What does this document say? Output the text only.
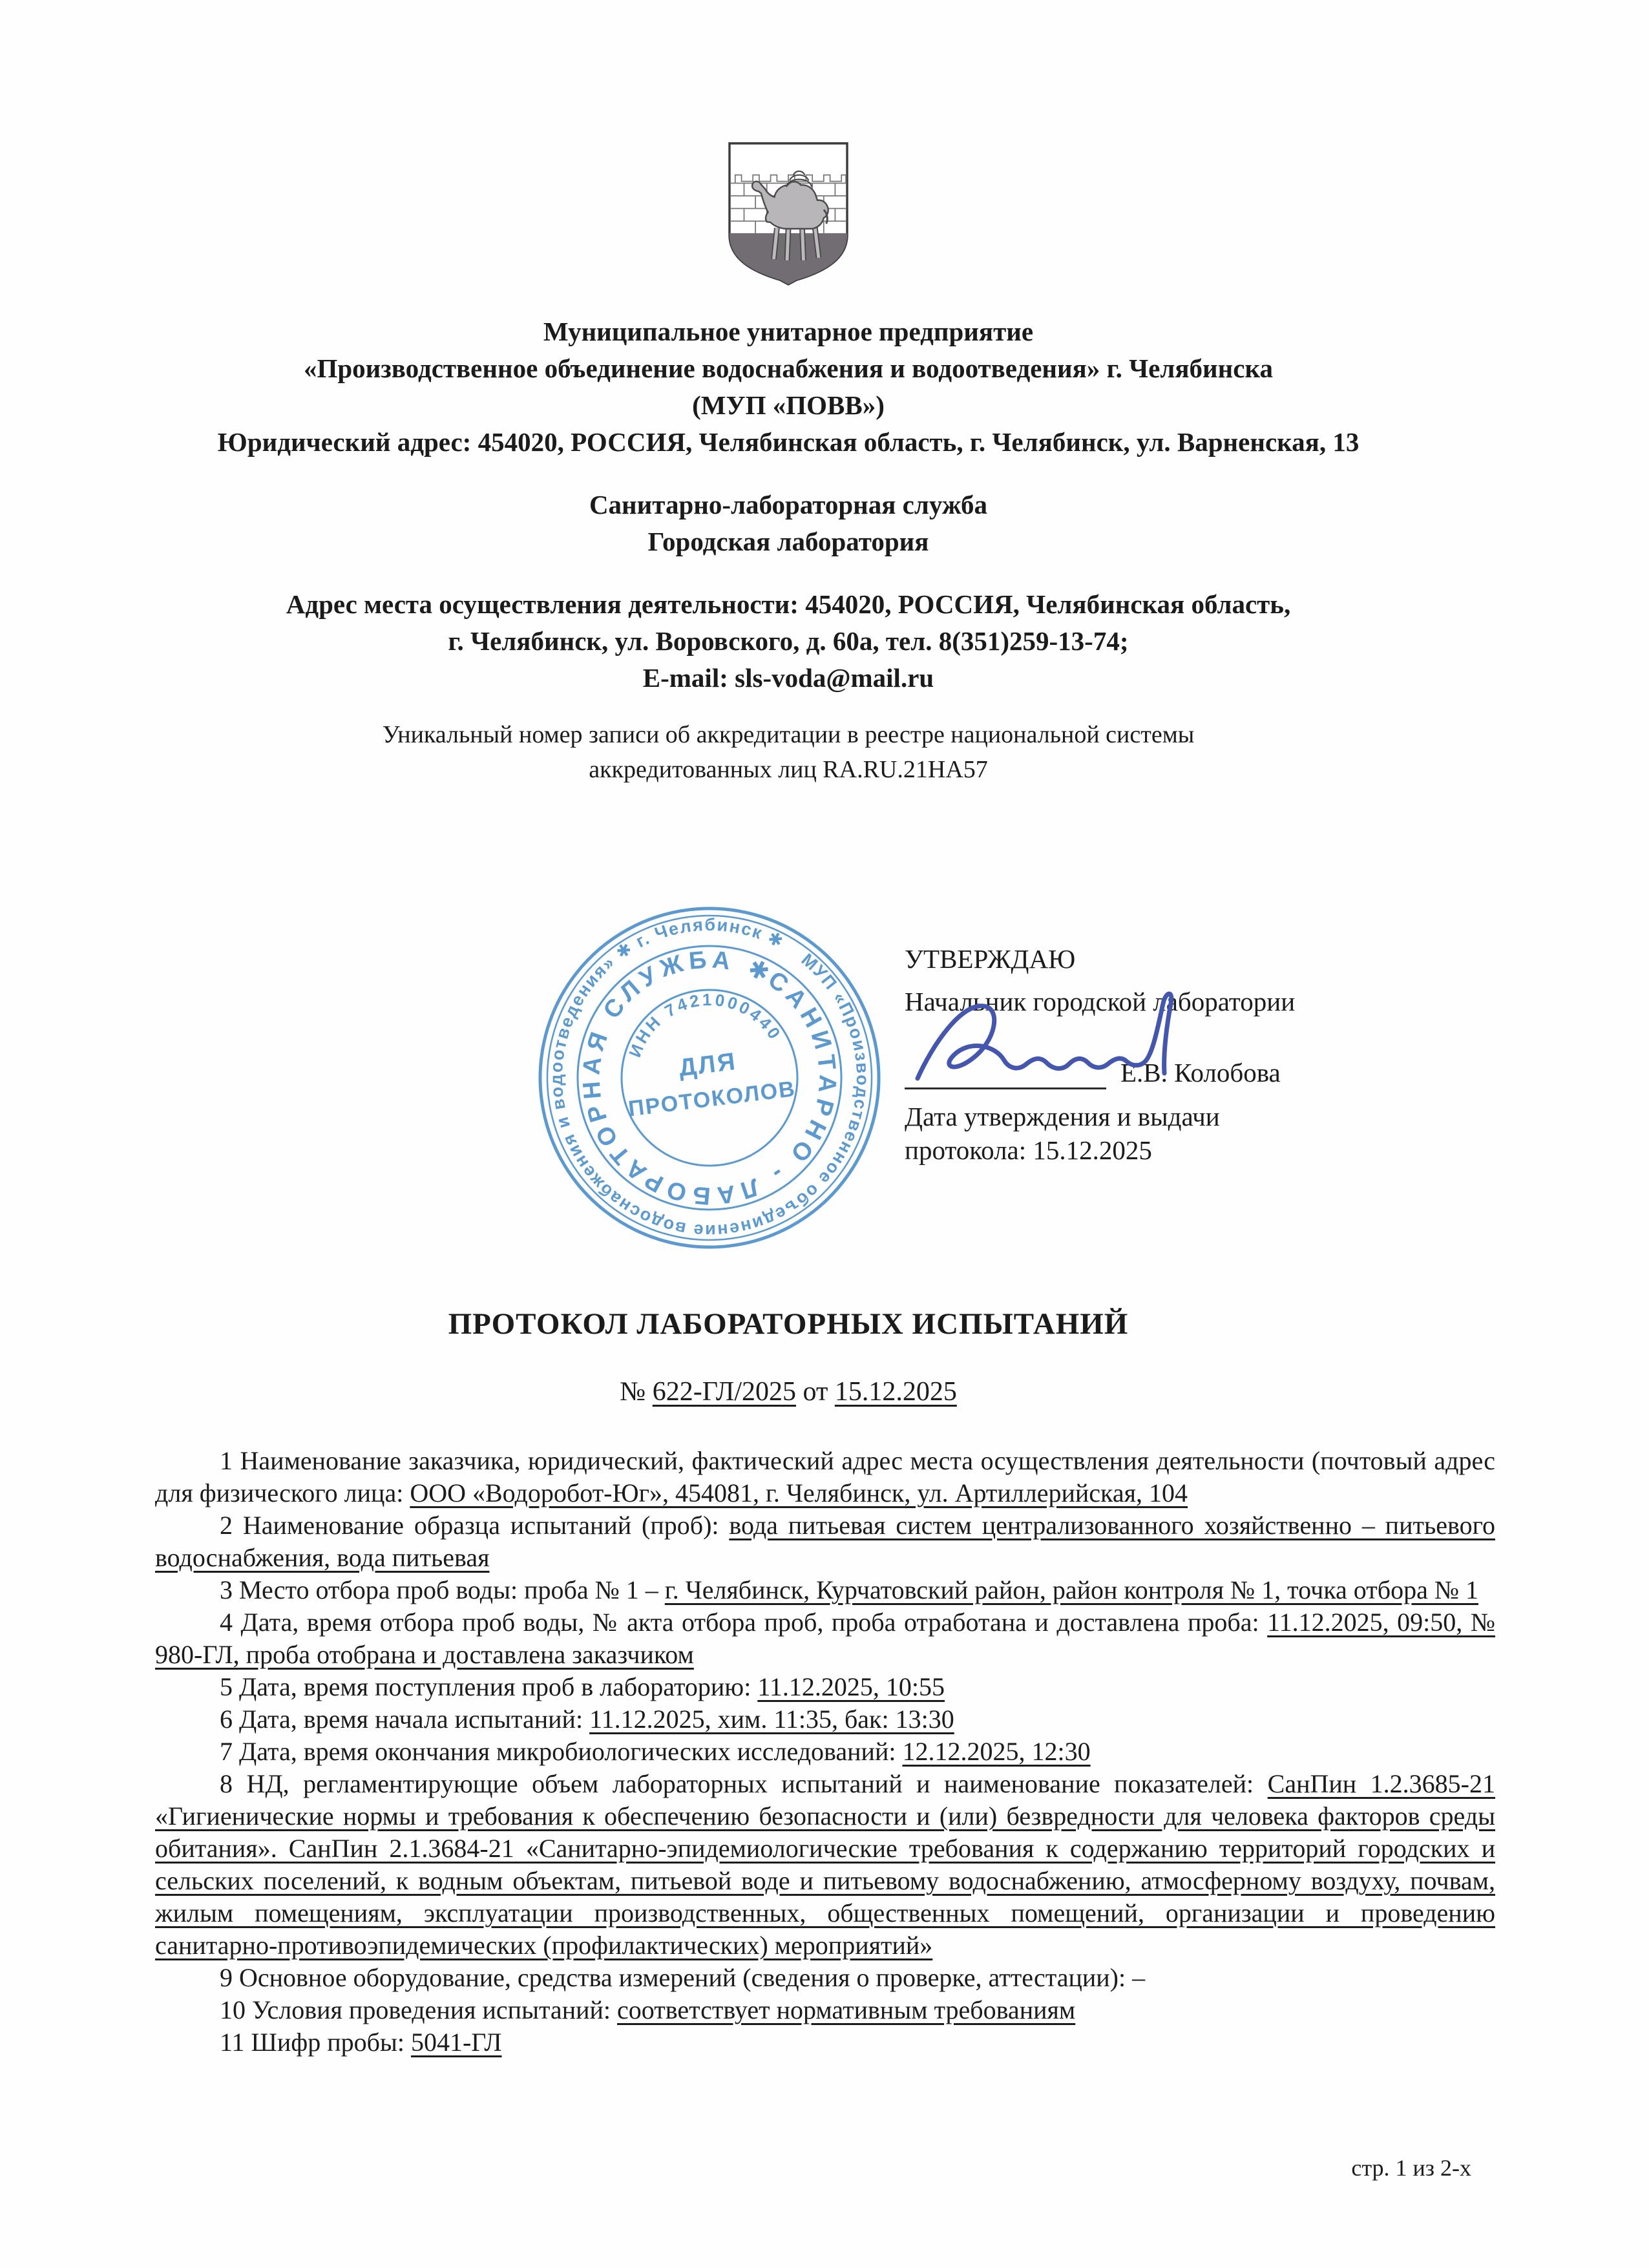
Муниципальное унитарное предприятие
«Производственное объединение водоснабжения и водоотведения» г. Челябинска
(МУП «ПОВВ»)
Юридический адрес: 454020, РОССИЯ, Челябинская область, г. Челябинск, ул. Варненская, 13
Санитарно-лабораторная служба
Городская лаборатория
Адрес места осуществления деятельности: 454020, РОССИЯ, Челябинская область,
г. Челябинск, ул. Воровского, д. 60а, тел. 8(351)259-13-74;
E-mail: sls-voda@mail.ru
Уникальный номер записи об аккредитации в реестре национальной системы
аккредитованных лиц RA.RU.21НА57
МУП «Производственное объединение водоснабжения и водоотведения» ✱ г. Челябинск ✱
САНИТАРНО - ЛАБОРАТОРНАЯ СЛУЖБА ✱
ИНН 7421000440
ДЛЯ
ПРОТОКОЛОВ
УТВЕРЖДАЮ
Начальник городской лаборатории
Е.В. Колобова
Дата утверждения и выдачи
протокола: 15.12.2025
ПРОТОКОЛ ЛАБОРАТОРНЫХ ИСПЫТАНИЙ
№ 622-ГЛ/2025 от 15.12.2025

1 Наименование заказчика, юридический, фактический адрес места осуществления деятельности (почтовый адрес для физического лица: ООО «Водоробот-Юг», 454081, г. Челябинск, ул. Артиллерийская, 104

2 Наименование образца испытаний (проб): вода питьевая систем централизованного хозяйственно – питьевого водоснабжения, вода питьевая

3 Место отбора проб воды: проба № 1 – г. Челябинск, Курчатовский район, район контроля № 1, точка отбора № 1

4 Дата, время отбора проб воды, № акта отбора проб, проба отработана и доставлена проба: 11.12.2025, 09:50, № 980-ГЛ, проба отобрана и доставлена заказчиком

5 Дата, время поступления проб в лабораторию: 11.12.2025, 10:55

6 Дата, время начала испытаний: 11.12.2025, хим. 11:35, бак: 13:30

7 Дата, время окончания микробиологических исследований: 12.12.2025, 12:30

8 НД, регламентирующие объем лабораторных испытаний и наименование показателей: СанПин 1.2.3685-21 «Гигиенические нормы и требования к обеспечению безопасности и (или) безвредности для человека факторов среды обитания». СанПин 2.1.3684-21 «Санитарно-эпидемиологические требования к содержанию территорий городских и сельских поселений, к водным объектам, питьевой воде и питьевому водоснабжению, атмосферному воздуху, почвам, жилым помещениям, эксплуатации производственных, общественных помещений, организации и проведению санитарно-противоэпидемических (профилактических) мероприятий»

9 Основное оборудование, средства измерений (сведения о проверке, аттестации): –

10 Условия проведения испытаний: соответствует нормативным требованиям

11 Шифр пробы: 5041-ГЛ

стр. 1 из 2-х
